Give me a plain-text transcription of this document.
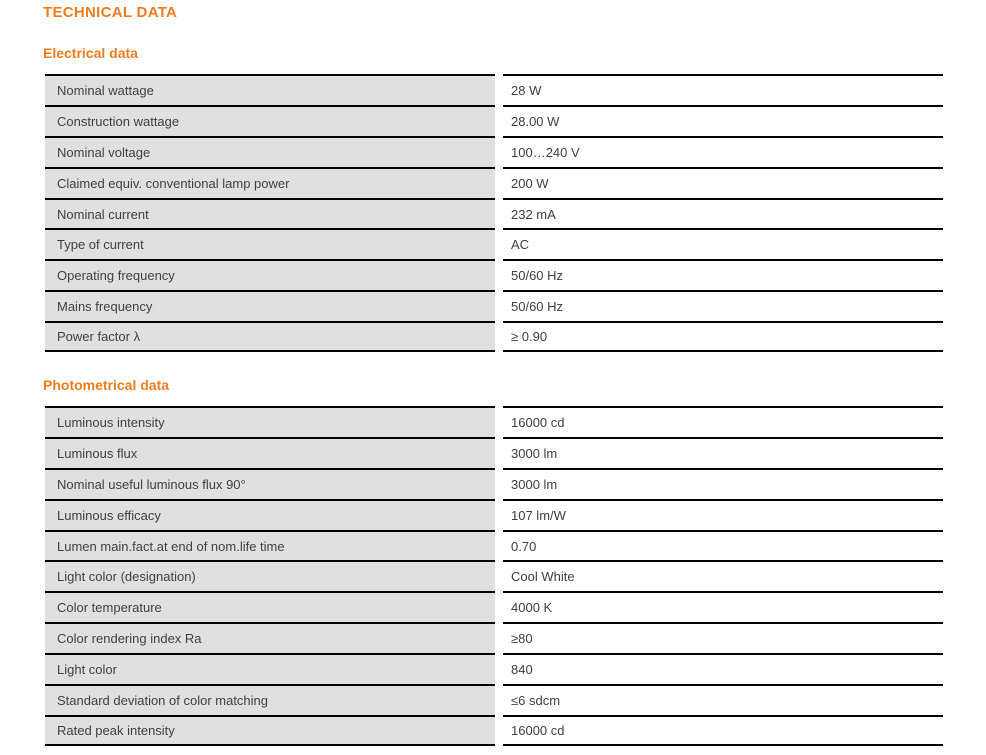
TECHNICAL DATA
Electrical data
Nominal wattage	28 W
Construction wattage	28.00 W
Nominal voltage	100…240 V
Claimed equiv. conventional lamp power	200 W
Nominal current	232 mA
Type of current	AC
Operating frequency	50/60 Hz
Mains frequency	50/60 Hz
Power factor λ	≥ 0.90
Photometrical data
Luminous intensity	16000 cd
Luminous flux	3000 lm
Nominal useful luminous flux 90°	3000 lm
Luminous efficacy	107 lm/W
Lumen main.fact.at end of nom.life time	0.70
Light color (designation)	Cool White
Color temperature	4000 K
Color rendering index Ra	≥80
Light color	840
Standard deviation of color matching	≤6 sdcm
Rated peak intensity	16000 cd
